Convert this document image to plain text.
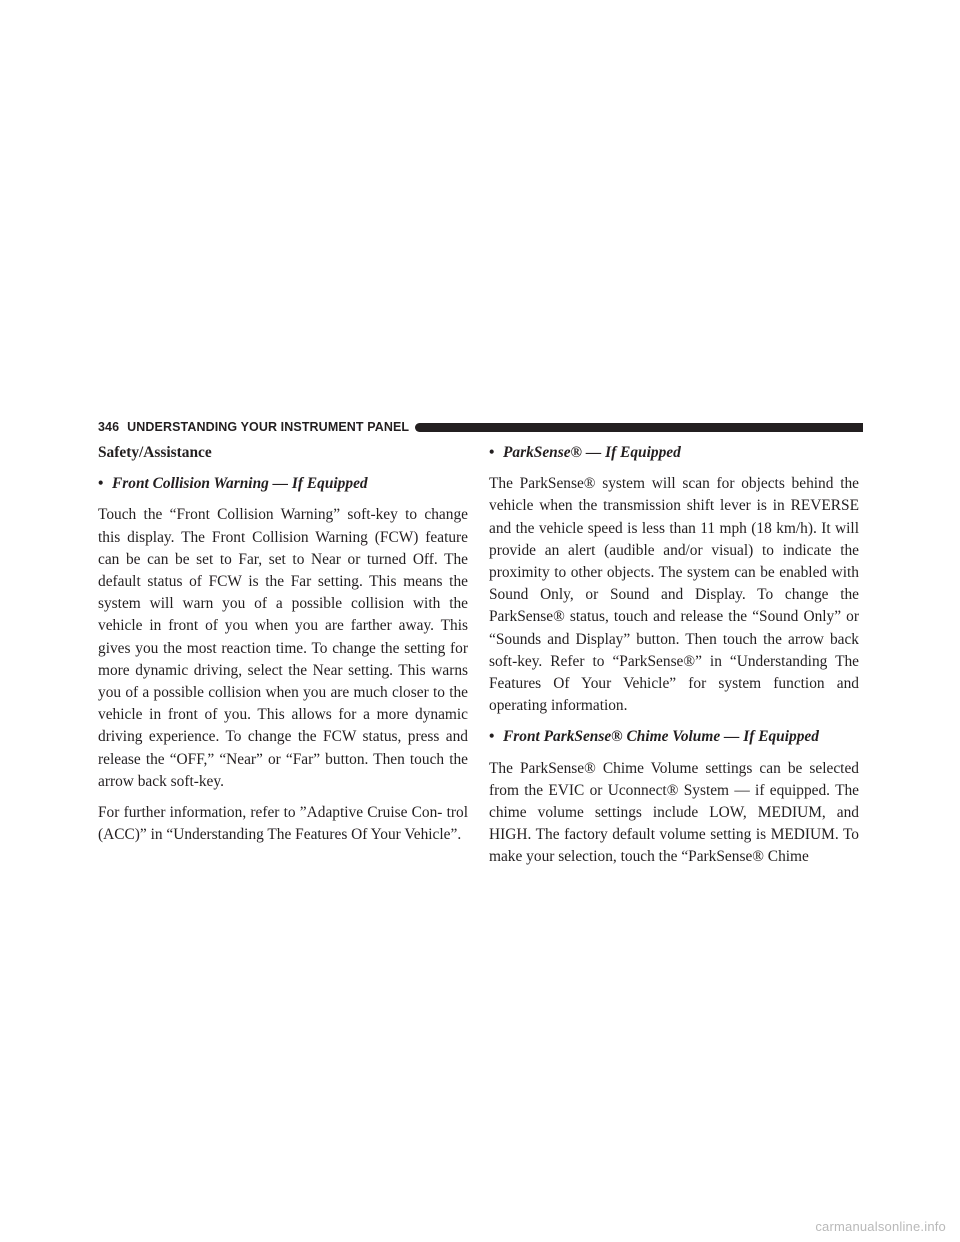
346 UNDERSTANDING YOUR INSTRUMENT PANEL
Safety/Assistance
• Front Collision Warning — If Equipped

Touch the “Front Collision Warning” soft-key to change this display. The Front Collision Warning (FCW) feature can be can be set to Far, set to Near or turned Off. The default status of FCW is the Far setting. This means the system will warn you of a possible collision with the vehicle in front of you when you are farther away. This gives you the most reaction time. To change the setting for more dynamic driving, select the Near setting. This warns you of a possible collision when you are much closer to the vehicle in front of you. This allows for a more dynamic driving experience. To change the FCW status, press and release the “OFF,” “Near” or “Far” button. Then touch the arrow back soft-key.

For further information, refer to ”Adaptive Cruise Con- trol (ACC)” in “Understanding The Features Of Your Vehicle”.

• ParkSense® — If Equipped

The ParkSense® system will scan for objects behind the vehicle when the transmission shift lever is in REVERSE and the vehicle speed is less than 11 mph (18 km/h). It will provide an alert (audible and/or visual) to indicate the proximity to other objects. The system can be enabled with Sound Only, or Sound and Display. To change the ParkSense® status, touch and release the “Sound Only” or “Sounds and Display” button. Then touch the arrow back soft-key. Refer to “ParkSense®” in “Understanding The Features Of Your Vehicle” for system function and operating information.

• Front ParkSense® Chime Volume — If Equipped

The ParkSense® Chime Volume settings can be selected from the EVIC or Uconnect® System — if equipped. The chime volume settings include LOW, MEDIUM, and HIGH. The factory default volume setting is MEDIUM. To make your selection, touch the “ParkSense® Chime

carmanualsonline.info
